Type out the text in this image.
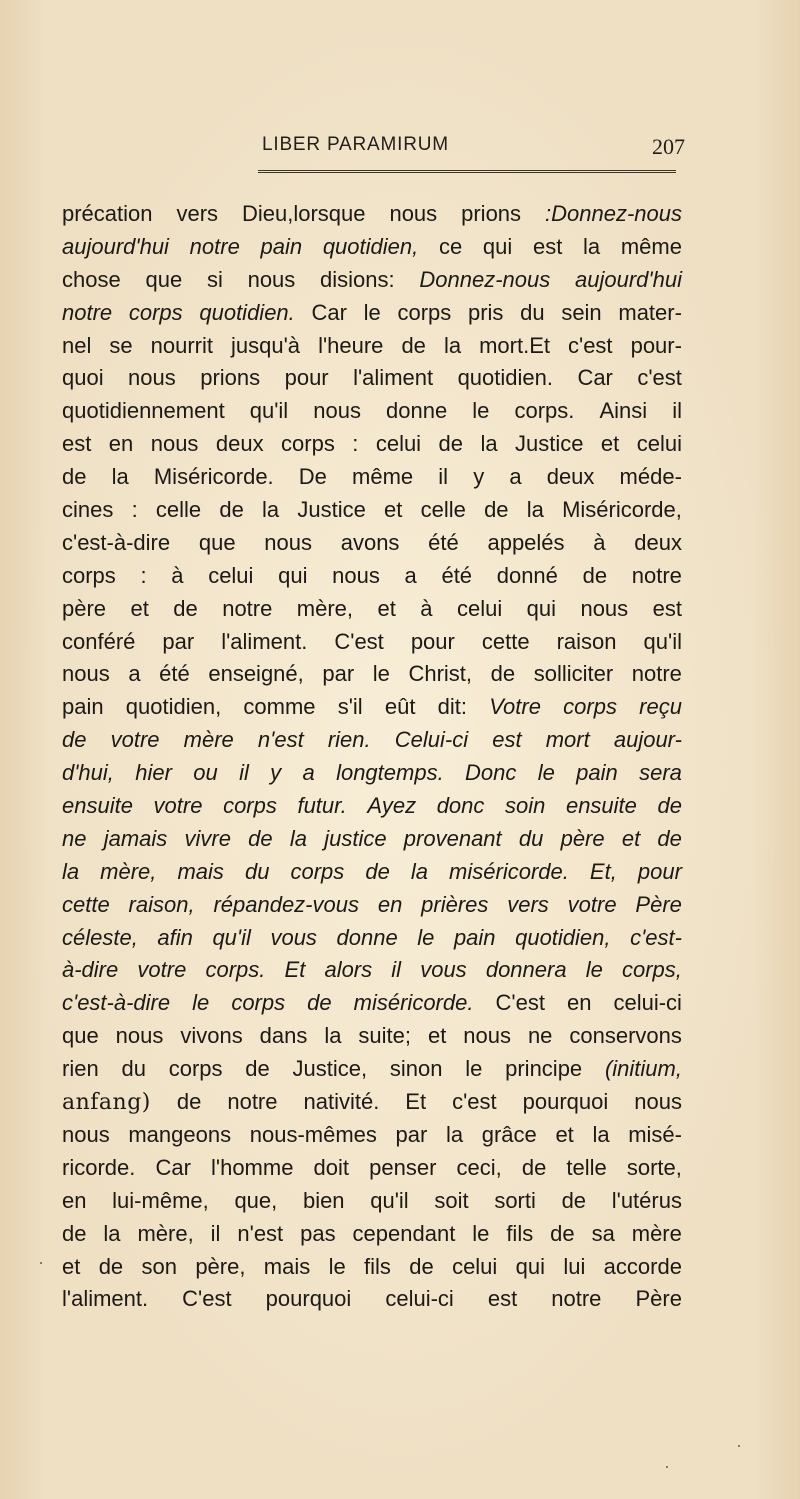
LIBER PARAMIRUM	207
précation vers Dieu,lorsque nous prions :Donnez-nous
aujourd'hui notre pain quotidien, ce qui est la même
chose que si nous disions: Donnez-nous aujourd'hui
notre corps quotidien. Car le corps pris du sein mater-
nel se nourrit jusqu'à l'heure de la mort.Et c'est pour-
quoi nous prions pour l'aliment quotidien. Car c'est
quotidiennement qu'il nous donne le corps. Ainsi il
est en nous deux corps : celui de la Justice et celui
de la Miséricorde. De même il y a deux méde-
cines : celle de la Justice et celle de la Miséricorde,
c'est-à-dire que nous avons été appelés à deux
corps : à celui qui nous a été donné de notre
père et de notre mère, et à celui qui nous est
conféré par l'aliment. C'est pour cette raison qu'il
nous a été enseigné, par le Christ, de solliciter notre
pain quotidien, comme s'il eût dit: Votre corps reçu
de votre mère n'est rien. Celui-ci est mort aujour-
d'hui, hier ou il y a longtemps. Donc le pain sera
ensuite votre corps futur. Ayez donc soin ensuite de
ne jamais vivre de la justice provenant du père et de
la mère, mais du corps de la miséricorde. Et, pour
cette raison, répandez-vous en prières vers votre Père
céleste, afin qu'il vous donne le pain quotidien, c'est-
à-dire votre corps. Et alors il vous donnera le corps,
c'est-à-dire le corps de miséricorde. C'est en celui-ci
que nous vivons dans la suite; et nous ne conservons
rien du corps de Justice, sinon le principe (initium,
anfang) de notre nativité. Et c'est pourquoi nous
nous mangeons nous-mêmes par la grâce et la misé-
ricorde. Car l'homme doit penser ceci, de telle sorte,
en lui-même, que, bien qu'il soit sorti de l'utérus
de la mère, il n'est pas cependant le fils de sa mère
et de son père, mais le fils de celui qui lui accorde
l'aliment. C'est pourquoi celui-ci est notre Père
